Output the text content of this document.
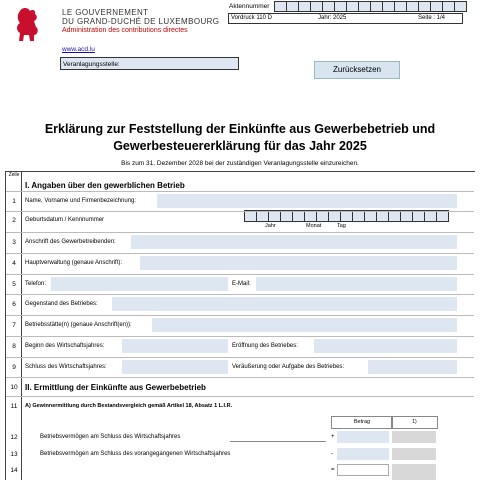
LE GOUVERNEMENT
DU GRAND-DUCHÉ DE LUXEMBOURG
Administration des contributions directes
www.acd.lu
Veranlagungsstelle:
Zurücksetzen
Aktennummer
Vordruck 110 D	Jahr: 2025	Seite : 1/4
Erklärung zur Feststellung der Einkünfte aus Gewerbebetrieb und
Gewerbesteuererklärung für das Jahr 2025
Bis zum 31. Dezember 2028 bei der zuständigen Veranlagungsstelle einzureichen.
Zeile
I. Angaben über den gewerblichen Betrieb
1	Name, Vorname und Firmenbezeichnung:
2	Geburtsdatum / Kennnummer
Jahr	Monat	Tag
3	Anschrift des Gewerbetreibenden:
4	Hauptverwaltung (genaue Anschrift):
5	Telefon:	E-Mail:
6	Gegenstand des Betriebes:
7	Betriebsstätte(n) (genaue Anschrift(en)):
8	Beginn des Wirtschaftsjahres:	Eröffnung des Betriebes:
9	Schluss des Wirtschaftsjahres:	Veräußerung oder Aufgabe des Betriebes:
10 II. Ermittlung der Einkünfte aus Gewerbebetrieb
11	A) Gewinnermittlung durch Bestandsvergleich gemäß Artikel 18, Absatz 1 L.I.R.
Betrag	1)
12	Betriebsvermögen am Schluss des Wirtschaftsjahres	+
13	Betriebsvermögen am Schluss des vorangegangenen Wirtschaftsjahres	-
14	=
